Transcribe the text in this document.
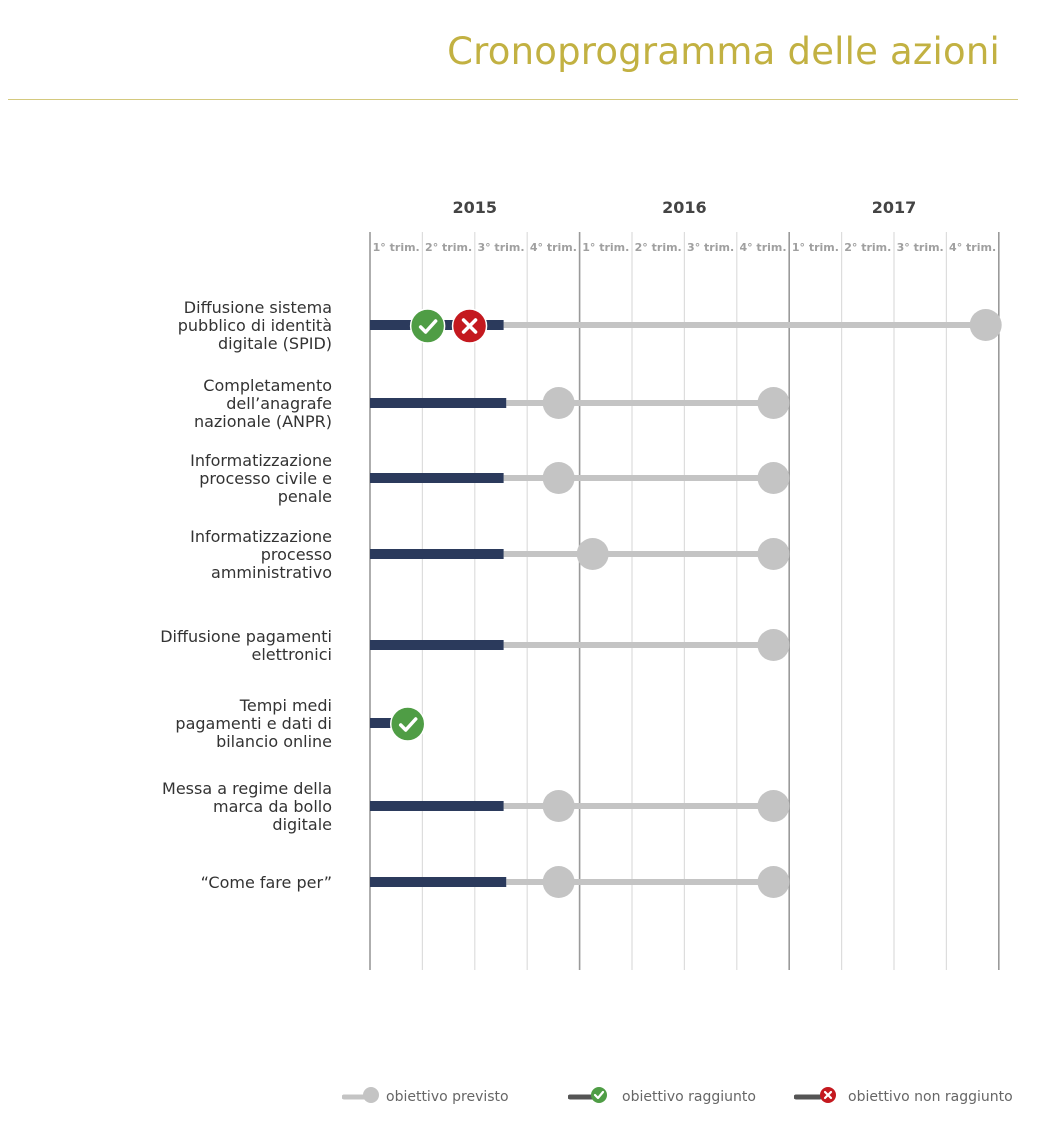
Cronoprogramma delle azioni
2015	2016	2017
1° trim. 2° trim. 3° trim. 4° trim. 1° trim. 2° trim. 3° trim. 4° trim. 1° trim. 2° trim. 3° trim. 4° trim.
Diffusione sistema pubblico di identità digitale (SPID)
Completamento dell’anagrafe nazionale (ANPR)
Informatizzazione processo civile e penale
Informatizzazione processo amministrativo
Diffusione pagamenti elettronici
Tempi medi pagamenti e dati di bilancio online
Messa a regime della marca da bollo digitale
“Come fare per”
obiettivo previsto	obiettivo raggiunto	obiettivo non raggiunto
